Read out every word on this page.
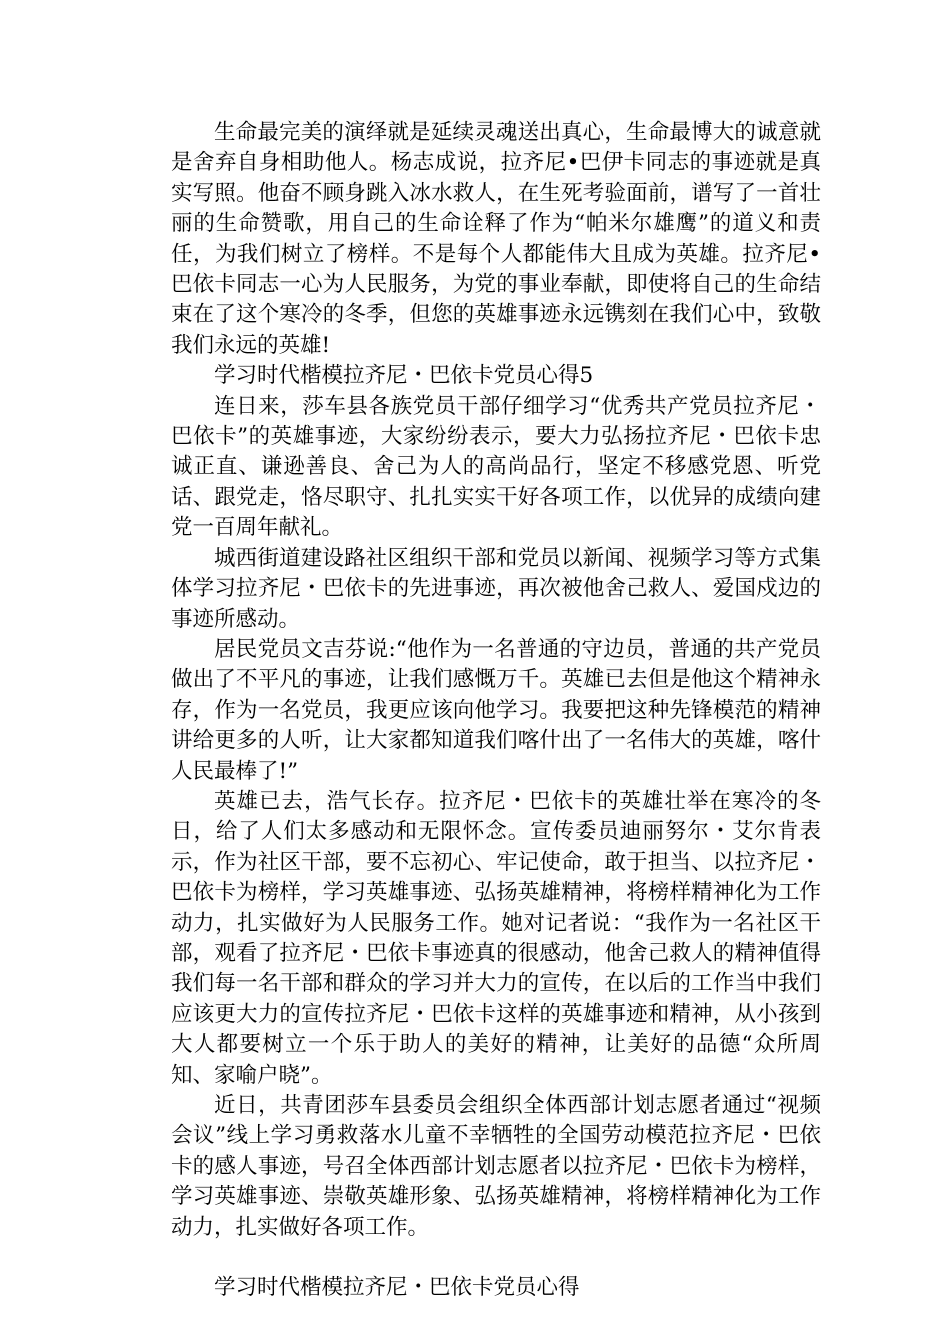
生命最完美的演绎就是延续灵魂送出真心，生命最博大的诚意就是舍弃自身相助他人。杨志成说，拉齐尼•巴伊卡同志的事迹就是真实写照。他奋不顾身跳入冰水救人，在生死考验面前，谱写了一首壮丽的生命赞歌，用自己的生命诠释了作为“帕米尔雄鹰”的道义和责任，为我们树立了榜样。不是每个人都能伟大且成为英雄。拉齐尼•巴依卡同志一心为人民服务，为党的事业奉献，即使将自己的生命结束在了这个寒冷的冬季，但您的英雄事迹永远镌刻在我们心中，致敬我们永远的英雄!

学习时代楷模拉齐尼・巴依卡党员心得5

连日来，莎车县各族党员干部仔细学习“优秀共产党员拉齐尼・巴依卡”的英雄事迹，大家纷纷表示，要大力弘扬拉齐尼・巴依卡忠诚正直、谦逊善良、舍己为人的高尚品行，坚定不移感党恩、听党话、跟党走，恪尽职守、扎扎实实干好各项工作，以优异的成绩向建党一百周年献礼。

城西街道建设路社区组织干部和党员以新闻、视频学习等方式集体学习拉齐尼・巴依卡的先进事迹，再次被他舍己救人、爱国戍边的事迹所感动。

居民党员文吉芬说:“他作为一名普通的守边员，普通的共产党员做出了不平凡的事迹，让我们感慨万千。英雄已去但是他这个精神永存，作为一名党员，我更应该向他学习。我要把这种先锋模范的精神讲给更多的人听，让大家都知道我们喀什出了一名伟大的英雄，喀什人民最棒了!”

英雄已去，浩气长存。拉齐尼・巴依卡的英雄壮举在寒冷的冬日，给了人们太多感动和无限怀念。宣传委员迪丽努尔・艾尔肯表示，作为社区干部，要不忘初心、牢记使命，敢于担当、以拉齐尼・巴依卡为榜样，学习英雄事迹、弘扬英雄精神，将榜样精神化为工作动力，扎实做好为人民服务工作。她对记者说：“我作为一名社区干部，观看了拉齐尼・巴依卡事迹真的很感动，他舍己救人的精神值得我们每一名干部和群众的学习并大力的宣传，在以后的工作当中我们应该更大力的宣传拉齐尼・巴依卡这样的英雄事迹和精神，从小孩到大人都要树立一个乐于助人的美好的精神，让美好的品德“众所周知、家喻户晓”。

近日，共青团莎车县委员会组织全体西部计划志愿者通过“视频会议”线上学习勇救落水儿童不幸牺牲的全国劳动模范拉齐尼・巴依卡的感人事迹，号召全体西部计划志愿者以拉齐尼・巴依卡为榜样，学习英雄事迹、崇敬英雄形象、弘扬英雄精神，将榜样精神化为工作动力，扎实做好各项工作。

学习时代楷模拉齐尼・巴依卡党员心得
